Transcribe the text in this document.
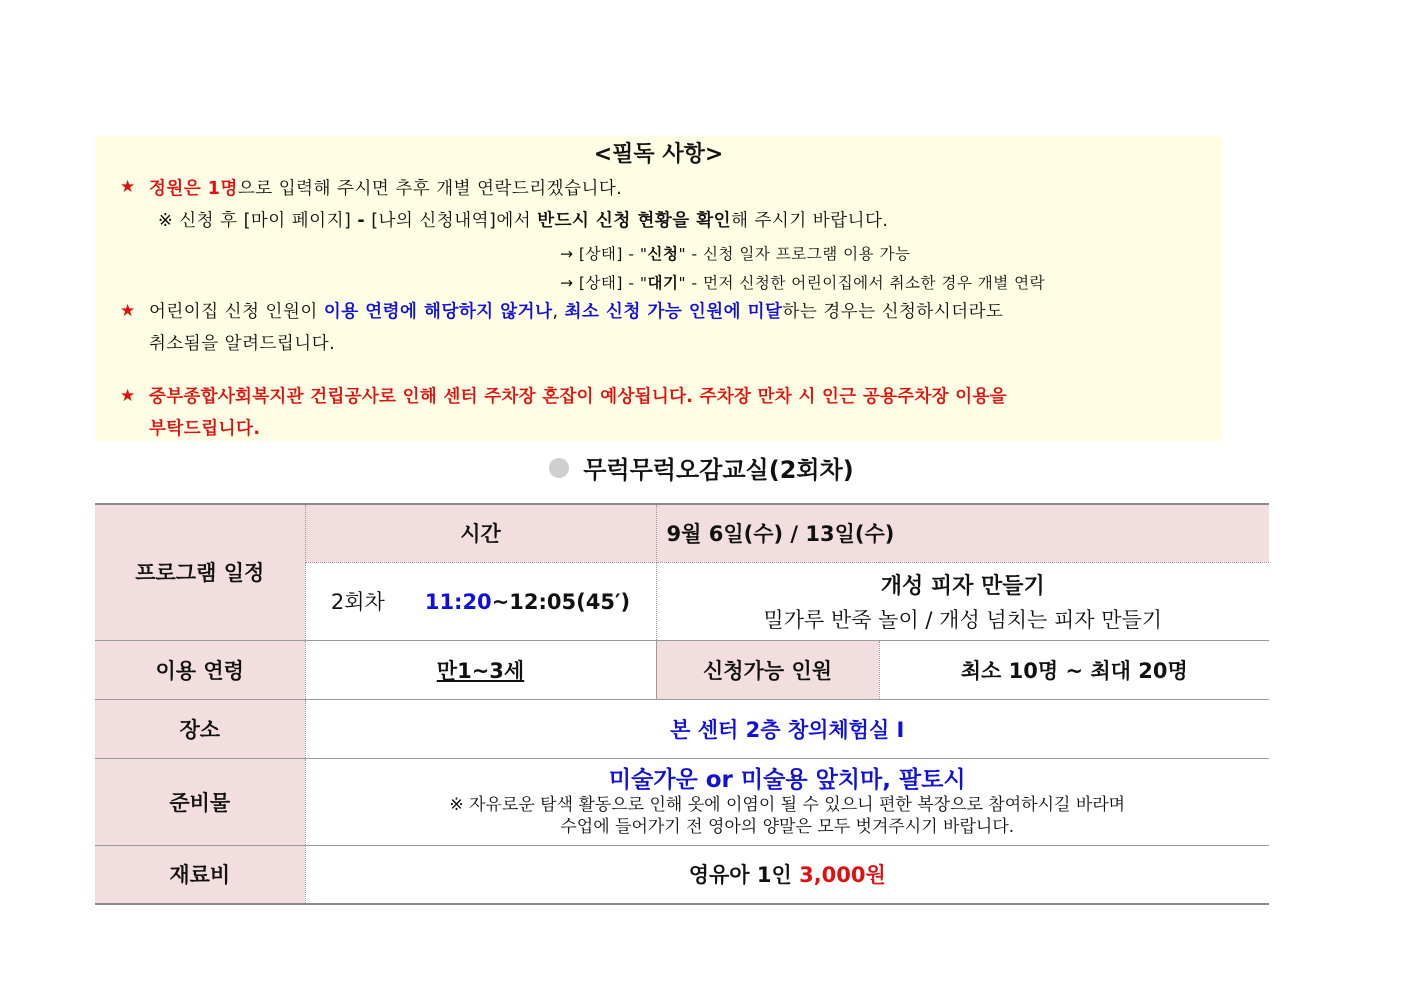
<필독 사항>
★ 정원은 1명으로 입력해 주시면 추후 개별 연락드리겠습니다.
※ 신청 후 [마이 페이지] - [나의 신청내역]에서 반드시 신청 현황을 확인해 주시기 바랍니다.
→ [상태] - "신청" - 신청 일자 프로그램 이용 가능
→ [상태] - "대기" - 먼저 신청한 어린이집에서 취소한 경우 개별 연락
★ 어린이집 신청 인원이 이용 연령에 해당하지 않거나, 최소 신청 가능 인원에 미달하는 경우는 신청하시더라도
취소됨을 알려드립니다.
★ 중부종합사회복지관 건립공사로 인해 센터 주차장 혼잡이 예상됩니다. 주차장 만차 시 인근 공용주차장 이용을
부탁드립니다.
무럭무럭오감교실(2회차)
프로그램 일정	시간	9월 6일(수) / 13일(수)	
	2회차 11:20~12:05(45′)	개성 피자 만들기
밀가루 반죽 놀이 / 개성 넘치는 피자 만들기	

이용 연령	만1~3세	신청가능 인원	최소 10명 ~ 최대 20명
장소	본 센터 2층 창의체험실 I		
준비물	미술가운 or 미술용 앞치마, 팔토시
※ 자유로운 탐색 활동으로 인해 옷에 이염이 될 수 있으니 편한 복장으로 참여하시길 바라며
수업에 들어가기 전 영아의 양말은 모두 벗겨주시기 바랍니다.		

재료비	영유아 1인 3,000원		
